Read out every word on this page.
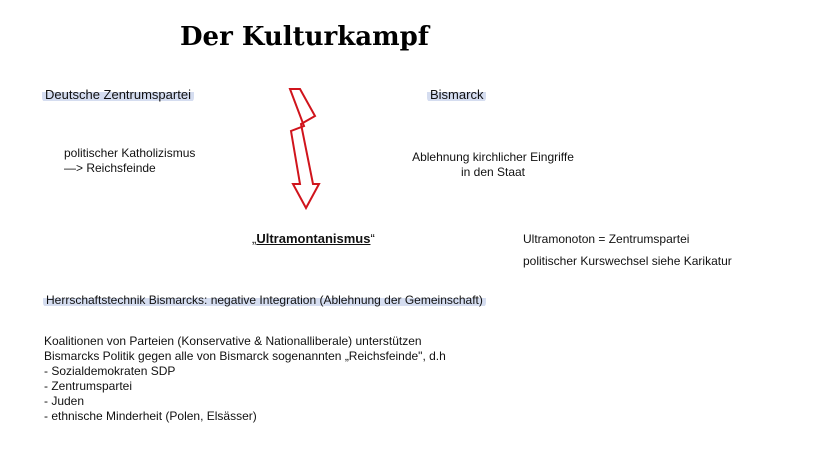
Der Kulturkampf
Deutsche Zentrumspartei
politischer Katholizismus
—> Reichsfeinde
Bismarck
Ablehnung kirchlicher Eingriffe
in den Staat
„Ultramontanismus“	Ultramonoton = Zentrumspartei
politischer Kurswechsel siehe Karikatur
Herrschaftstechnik Bismarcks: negative Integration (Ablehnung der Gemeinschaft)
Koalitionen von Parteien (Konservative & Nationalliberale) unterstützen
Bismarcks Politik gegen alle von Bismarck sogenannten „Reichsfeinde", d.h
- Sozialdemokraten SDP
- Zentrumspartei
- Juden
- ethnische Minderheit (Polen, Elsässer)
